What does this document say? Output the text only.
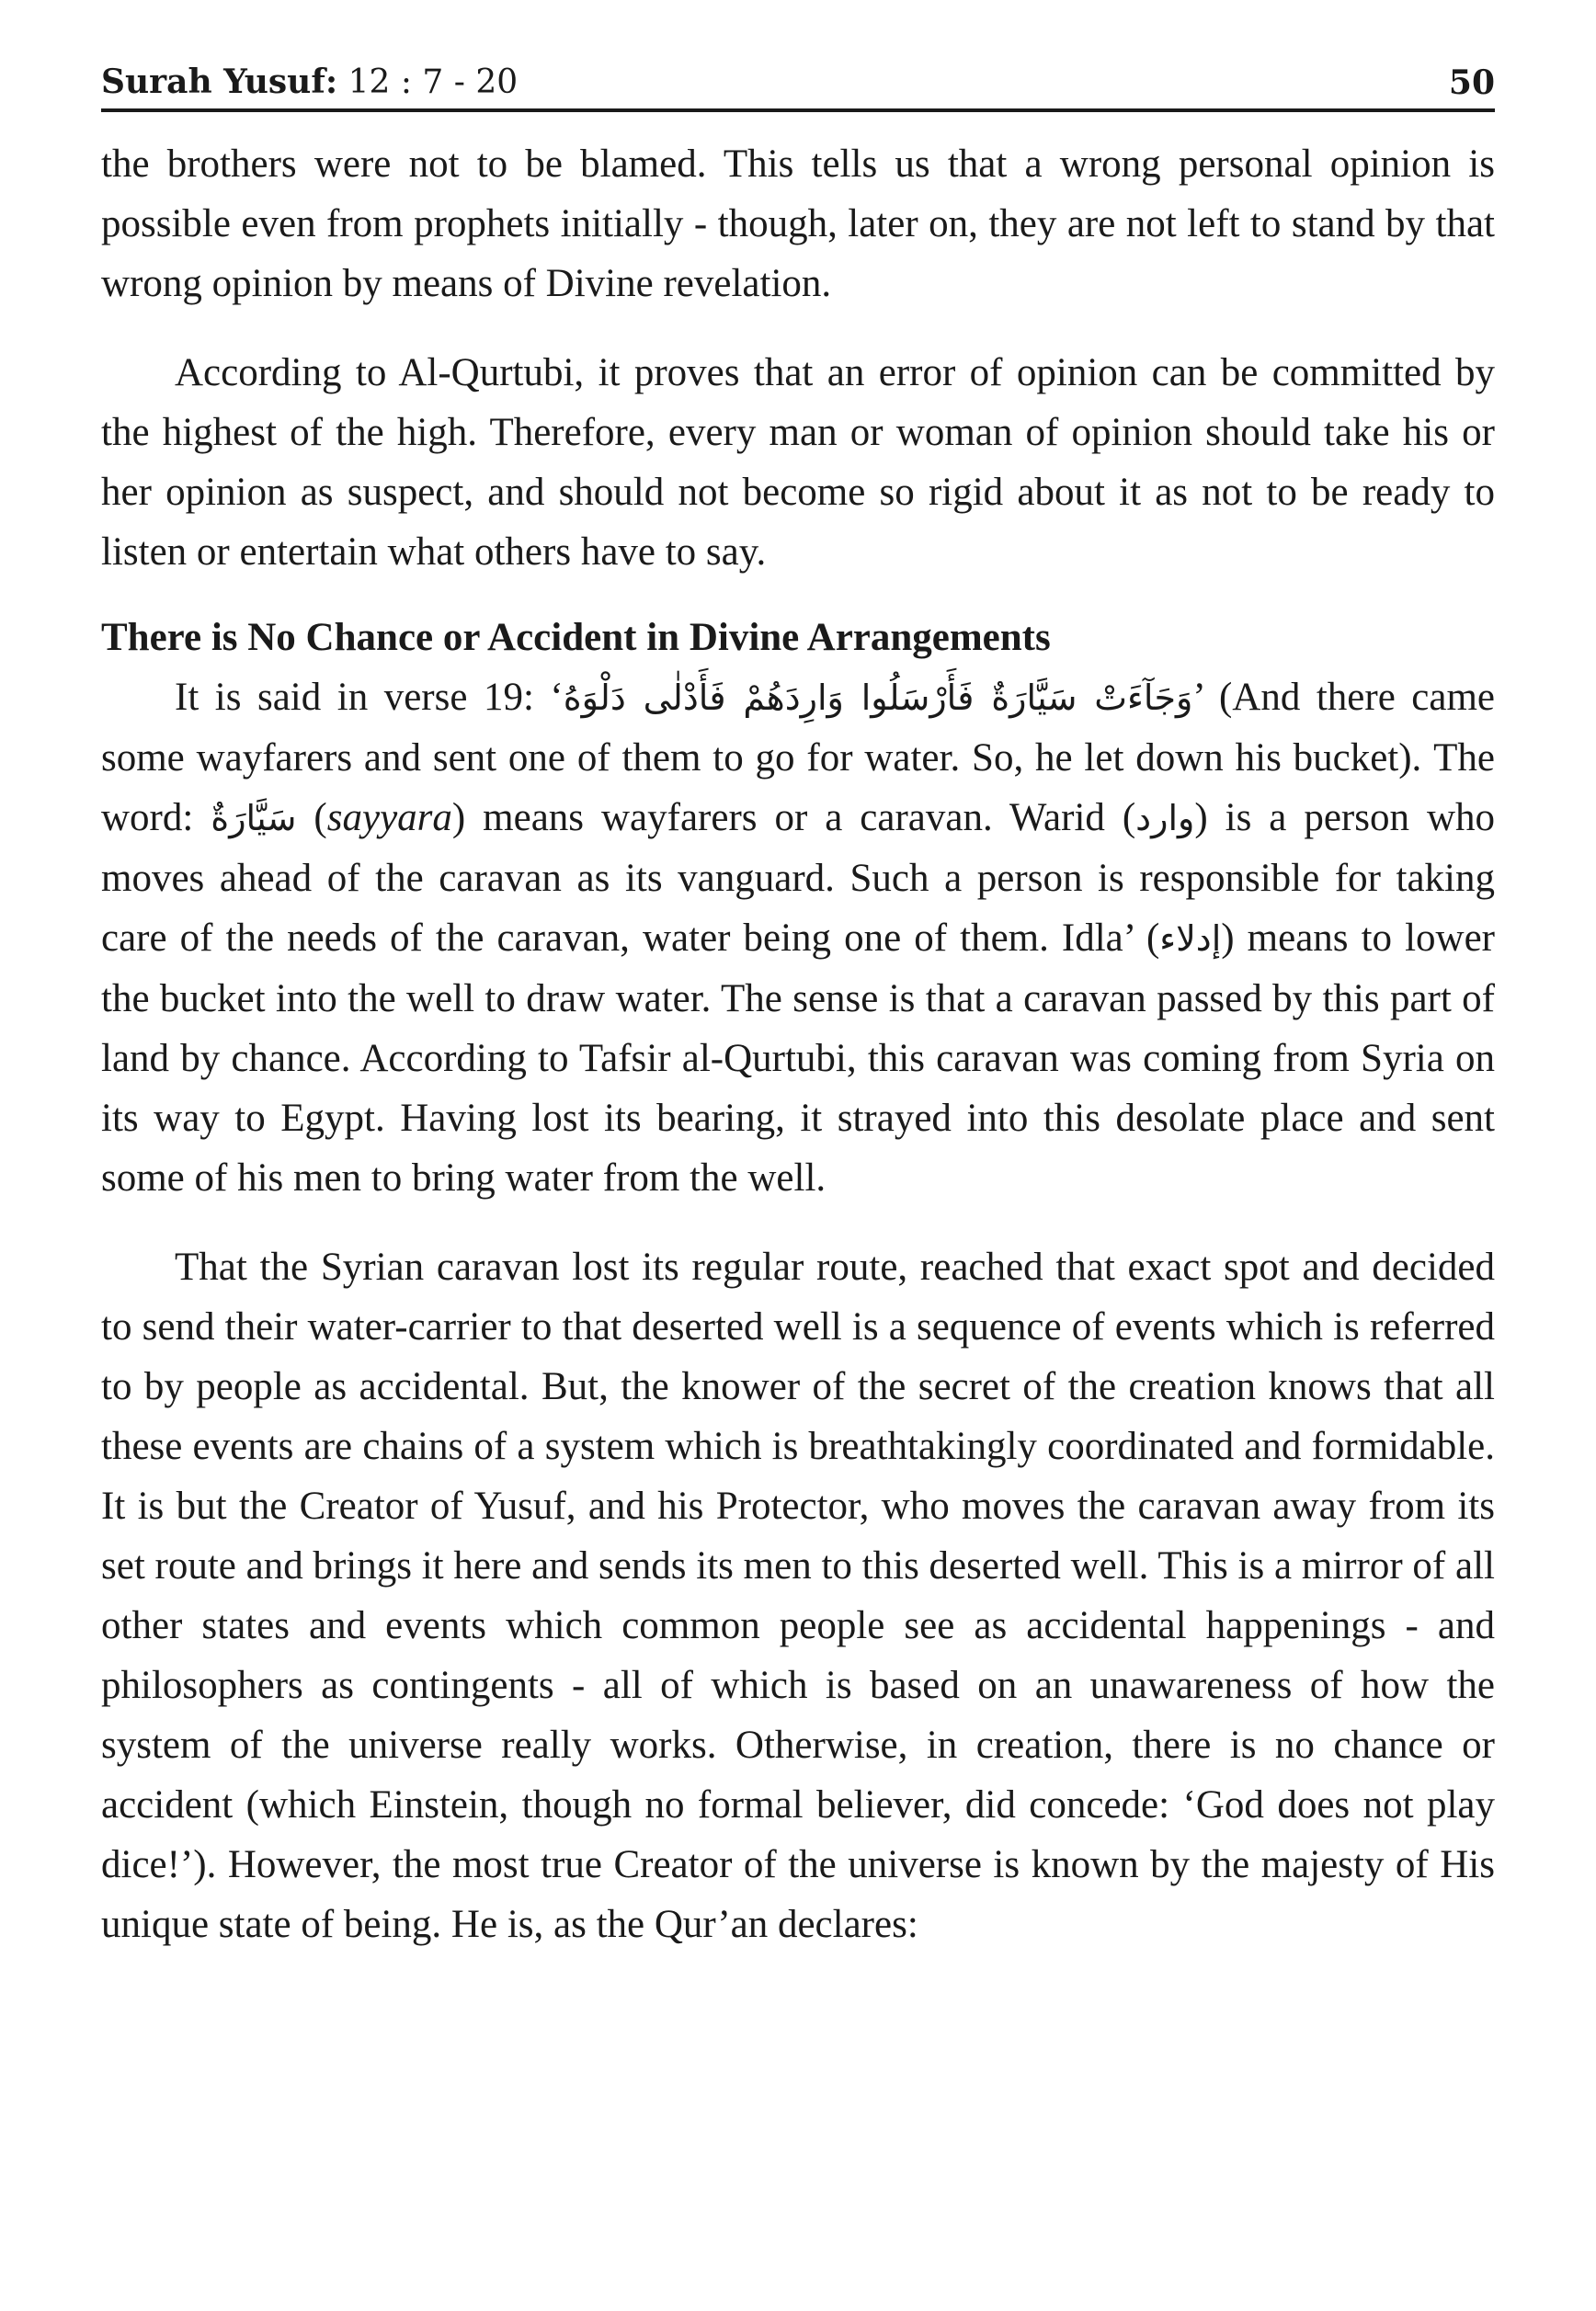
Surah Yusuf: 12 : 7 - 20	50

the brothers were not to be blamed. This tells us that a wrong personal opinion is possible even from prophets initially - though, later on, they are not left to stand by that wrong opinion by means of Divine revelation.

According to Al-Qurtubi, it proves that an error of opinion can be committed by the highest of the high. Therefore, every man or woman of opinion should take his or her opinion as suspect, and should not become so rigid about it as not to be ready to listen or entertain what others have to say.

There is No Chance or Accident in Divine Arrangements

It is said in verse 19: ‘وَجَآءَتْ سَيَّارَةٌ فَأَرْسَلُوا وَارِدَهُمْ فَأَدْلٰى دَلْوَهُ’ (And there came some wayfarers and sent one of them to go for water. So, he let down his bucket). The word: سَيَّارَةٌ (sayyara) means wayfarers or a caravan. Warid (وارد) is a person who moves ahead of the caravan as its vanguard. Such a person is responsible for taking care of the needs of the caravan, water being one of them. Idla’ (إدلاء) means to lower the bucket into the well to draw water. The sense is that a caravan passed by this part of land by chance. According to Tafsir al-Qurtubi, this caravan was coming from Syria on its way to Egypt. Having lost its bearing, it strayed into this desolate place and sent some of his men to bring water from the well.

That the Syrian caravan lost its regular route, reached that exact spot and decided to send their water-carrier to that deserted well is a sequence of events which is referred to by people as accidental. But, the knower of the secret of the creation knows that all these events are chains of a system which is breathtakingly coordinated and formidable. It is but the Creator of Yusuf, and his Protector, who moves the caravan away from its set route and brings it here and sends its men to this deserted well. This is a mirror of all other states and events which common people see as accidental happenings - and philosophers as contingents - all of which is based on an unawareness of how the system of the universe really works. Otherwise, in creation, there is no chance or accident (which Einstein, though no formal believer, did concede: ‘God does not play dice!’). However, the most true Creator of the universe is known by the majesty of His unique state of being. He is, as the Qur’an declares:
